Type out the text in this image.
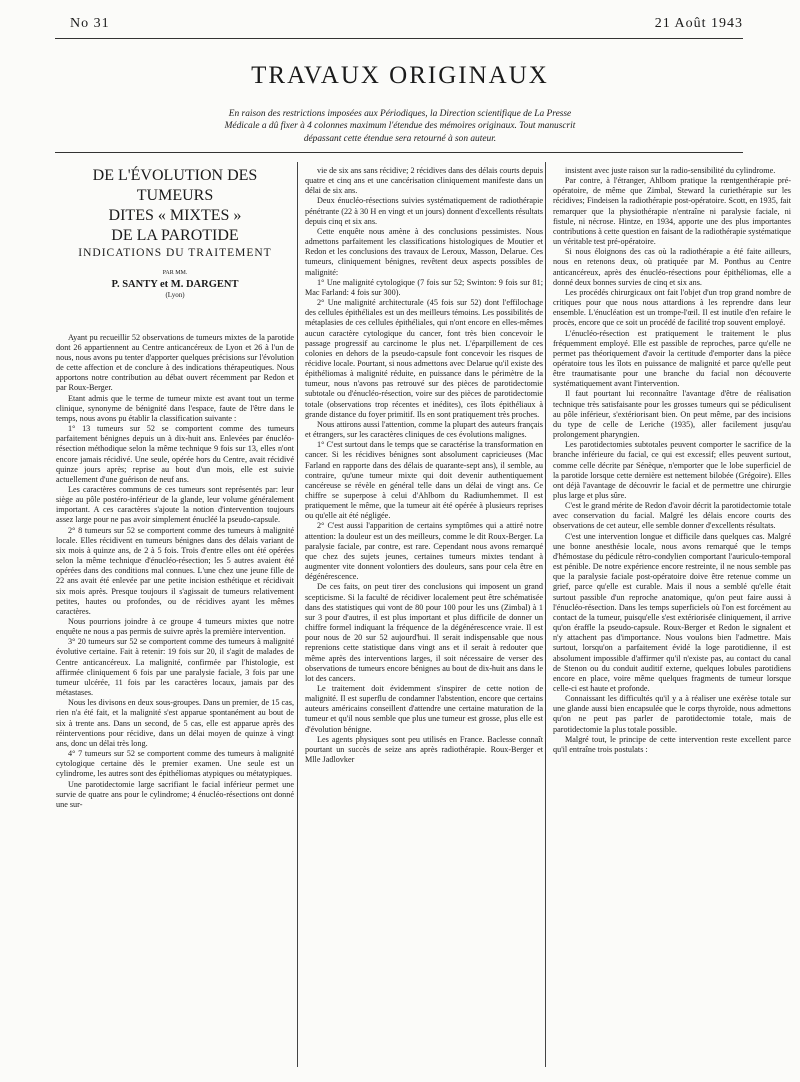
No 31	21 Août 1943
TRAVAUX ORIGINAUX
En raison des restrictions imposées aux Périodiques, la Direction scientifique de La Presse Médicale a dû fixer à 4 colonnes maximum l'étendue des mémoires originaux. Tout manuscrit dépassant cette étendue sera retourné à son auteur.
DE L'ÉVOLUTION DES TUMEURS
DITES « MIXTES »
DE LA PAROTIDE
INDICATIONS DU TRAITEMENT
PAR MM.
P. SANTY et M. DARGENT
(Lyon)

Ayant pu recueillir 52 observations de tumeurs mixtes de la parotide dont 26 appartiennent au Centre anticancéreux de Lyon et 26 à l'un de nous, nous avons pu tenter d'apporter quelques précisions sur l'évolution de cette affection et de conclure à des indications thérapeutiques. Nous apportons notre contribution au débat ouvert récemment par Redon et par Roux-Berger.

Etant admis que le terme de tumeur mixte est avant tout un terme clinique, synonyme de bénignité dans l'espace, faute de l'être dans le temps, nous avons pu établir la classification suivante :

1° 13 tumeurs sur 52 se comportent comme des tumeurs parfaitement bénignes depuis un à dix-huit ans. Enlevées par énucléo-résection méthodique selon la même technique 9 fois sur 13, elles n'ont encore jamais récidivé. Une seule, opérée hors du Centre, avait récidivé quinze jours après; reprise au bout d'un mois, elle est suivie actuellement d'une guérison de neuf ans.

Les caractères communs de ces tumeurs sont représentés par: leur siège au pôle postéro-inférieur de la glande, leur volume généralement important. A ces caractères s'ajoute la notion d'intervention toujours assez large pour ne pas avoir simplement énucléé la pseudo-capsule.

2° 8 tumeurs sur 52 se comportent comme des tumeurs à malignité locale. Elles récidivent en tumeurs bénignes dans des délais variant de six mois à quinze ans, de 2 à 5 fois. Trois d'entre elles ont été opérées selon la même technique d'énucléo-résection; les 5 autres avaient été opérées dans des conditions mal connues. L'une chez une jeune fille de 22 ans avait été enlevée par une petite incision esthétique et récidivait six mois après. Presque toujours il s'agissait de tumeurs relativement petites, hautes ou profondes, ou de récidives ayant les mêmes caractères.

Nous pourrions joindre à ce groupe 4 tumeurs mixtes que notre enquête ne nous a pas permis de suivre après la première intervention.

3° 20 tumeurs sur 52 se comportent comme des tumeurs à malignité évolutive certaine. Fait à retenir: 19 fois sur 20, il s'agit de malades de Centre anticancéreux. La malignité, confirmée par l'histologie, est affirmée cliniquement 6 fois par une paralysie faciale, 3 fois par une tumeur ulcérée, 11 fois par les caractères locaux, jamais par des métastases.

Nous les divisons en deux sous-groupes. Dans un premier, de 15 cas, rien n'a été fait, et la malignité s'est apparue spontanément au bout de six à trente ans. Dans un second, de 5 cas, elle est apparue après des réinterventions pour récidive, dans un délai moyen de quinze à vingt ans, donc un délai très long.

4° 7 tumeurs sur 52 se comportent comme des tumeurs à malignité cytologique certaine dès le premier examen. Une seule est un cylindrome, les autres sont des épithéliomas atypiques ou métatypiques.

Une parotidectomie large sacrifiant le facial inférieur permet une survie de quatre ans pour le cylindrome; 4 énucléo-résections ont donné une sur-

vie de six ans sans récidive; 2 récidives dans des délais courts depuis quatre et cinq ans et une cancérisation cliniquement manifeste dans un délai de six ans.

Deux énucléo-résections suivies systématiquement de radiothérapie pénétrante (22 à 30 H en vingt et un jours) donnent d'excellents résultats depuis cinq et six ans.

Cette enquête nous amène à des conclusions pessimistes. Nous admettons parfaitement les classifications histologiques de Moutier et Redon et les conclusions des travaux de Leroux, Masson, Delarue. Ces tumeurs, cliniquement bénignes, revêtent deux aspects possibles de malignité:

1° Une malignité cytologique (7 fois sur 52; Swinton: 9 fois sur 81; Mac Farland: 4 fois sur 300).

2° Une malignité architecturale (45 fois sur 52) dont l'effilochage des cellules épithéliales est un des meilleurs témoins. Les possibilités de métaplasies de ces cellules épithéliales, qui n'ont encore en elles-mêmes aucun caractère cytologique du cancer, font très bien concevoir le passage progressif au carcinome le plus net. L'éparpillement de ces colonies en dehors de la pseudo-capsule font concevoir les risques de récidive locale. Pourtant, si nous admettons avec Delarue qu'il existe des épithéliomas à malignité réduite, en puissance dans le périmètre de la tumeur, nous n'avons pas retrouvé sur des pièces de parotidectomie subtotale ou d'énucléo-résection, voire sur des pièces de parotidectomie totale (observations trop récentes et inédites), ces îlots épithéliaux à grande distance du foyer primitif. Ils en sont pratiquement très proches.

Nous attirons aussi l'attention, comme la plupart des auteurs français et étrangers, sur les caractères cliniques de ces évolutions malignes.

1° C'est surtout dans le temps que se caractérise la transformation en cancer. Si les récidives bénignes sont absolument capricieuses (Mac Farland en rapporte dans des délais de quarante-sept ans), il semble, au contraire, qu'une tumeur mixte qui doit devenir authentiquement cancéreuse se révèle en général telle dans un délai de vingt ans. Ce chiffre se superpose à celui d'Ahlbom du Radiumhemmet. Il est pratiquement le même, que la tumeur ait été opérée à plusieurs reprises ou qu'elle ait été négligée.

2° C'est aussi l'apparition de certains symptômes qui a attiré notre attention: la douleur est un des meilleurs, comme le dit Roux-Berger. La paralysie faciale, par contre, est rare. Cependant nous avons remarqué que chez des sujets jeunes, certaines tumeurs mixtes tendant à augmenter vite donnent volontiers des douleurs, sans pour cela être en dégénérescence.

De ces faits, on peut tirer des conclusions qui imposent un grand scepticisme. Si la faculté de récidiver localement peut être schématisée dans des statistiques qui vont de 80 pour 100 pour les uns (Zimbal) à 1 sur 3 pour d'autres, il est plus important et plus difficile de donner un chiffre formel indiquant la fréquence de la dégénérescence vraie. Il est pour nous de 20 sur 52 aujourd'hui. Il serait indispensable que nous reprenions cette statistique dans vingt ans et il serait à redouter que même après des interventions larges, il soit nécessaire de verser des observations de tumeurs encore bénignes au bout de dix-huit ans dans le lot des cancers.

Le traitement doit évidemment s'inspirer de cette notion de malignité. Il est superflu de condamner l'abstention, encore que certains auteurs américains conseillent d'attendre une certaine maturation de la tumeur et qu'il nous semble que plus une tumeur est grosse, plus elle est d'évolution bénigne.

Les agents physiques sont peu utilisés en France. Baclesse connaît pourtant un succès de seize ans après radiothérapie. Roux-Berger et Mlle Jadlovker

insistent avec juste raison sur la radio-sensibilité du cylindrome.

Par contre, à l'étranger, Ahlbom pratique la rœntgenthérapie pré-opératoire, de même que Zimbal, Steward la curiethérapie sur les récidives; Findeisen la radiothérapie post-opératoire. Scott, en 1935, fait remarquer que la physiothérapie n'entraîne ni paralysie faciale, ni fistule, ni nécrose. Hintze, en 1934, apporte une des plus importantes contributions à cette question en faisant de la radiothérapie systématique un véritable test pré-opératoire.

Si nous éloignons des cas où la radiothérapie a été faite ailleurs, nous en retenons deux, où pratiquée par M. Ponthus au Centre anticancéreux, après des énucléo-résections pour épithéliomas, elle a donné deux bonnes survies de cinq et six ans.

Les procédés chirurgicaux ont fait l'objet d'un trop grand nombre de critiques pour que nous nous attardions à les reprendre dans leur ensemble. L'énucléation est un trompe-l'œil. Il est inutile d'en refaire le procès, encore que ce soit un procédé de facilité trop souvent employé.

L'énucléo-résection est pratiquement le traitement le plus fréquemment employé. Elle est passible de reproches, parce qu'elle ne permet pas théoriquement d'avoir la certitude d'emporter dans la pièce opératoire tous les îlots en puissance de malignité et parce qu'elle peut être traumatisante pour une branche du facial non découverte systématiquement avant l'intervention.

Il faut pourtant lui reconnaître l'avantage d'être de réalisation technique très satisfaisante pour les grosses tumeurs qui se pédiculisent au pôle inférieur, s'extériorisant bien. On peut même, par des incisions du type de celle de Leriche (1935), aller facilement jusqu'au prolongement pharyngien.

Les parotidectomies subtotales peuvent comporter le sacrifice de la branche inférieure du facial, ce qui est excessif; elles peuvent surtout, comme celle décrite par Sénèque, n'emporter que le lobe superficiel de la parotide lorsque cette dernière est nettement bilobée (Grégoire). Elles ont déjà l'avantage de découvrir le facial et de permettre une chirurgie plus large et plus sûre.

C'est le grand mérite de Redon d'avoir décrit la parotidectomie totale avec conservation du facial. Malgré les délais encore courts des observations de cet auteur, elle semble donner d'excellents résultats.

C'est une intervention longue et difficile dans quelques cas. Malgré une bonne anesthésie locale, nous avons remarqué que le temps d'hémostase du pédicule rétro-condylien comportant l'auriculo-temporal est pénible. De notre expérience encore restreinte, il ne nous semble pas que la paralysie faciale post-opératoire doive être retenue comme un grief, parce qu'elle est curable. Mais il nous a semblé qu'elle était surtout passible d'un reproche anatomique, qu'on peut faire aussi à l'énucléo-résection. Dans les temps superficiels où l'on est forcément au contact de la tumeur, puisqu'elle s'est extériorisée cliniquement, il arrive qu'on éraffle la pseudo-capsule. Roux-Berger et Redon le signalent et n'y attachent pas d'importance. Nous voulons bien l'admettre. Mais surtout, lorsqu'on a parfaitement évidé la loge parotidienne, il est absolument impossible d'affirmer qu'il n'existe pas, au contact du canal de Stenon ou du conduit auditif externe, quelques lobules parotidiens encore en place, voire même quelques fragments de tumeur lorsque celle-ci est haute et profonde.

Connaissant les difficultés qu'il y a à réaliser une exérèse totale sur une glande aussi bien encapsulée que le corps thyroïde, nous admettons qu'on ne peut pas parler de parotidectomie totale, mais de parotidectomie la plus totale possible.

Malgré tout, le principe de cette intervention reste excellent parce qu'il entraîne trois postulats :
